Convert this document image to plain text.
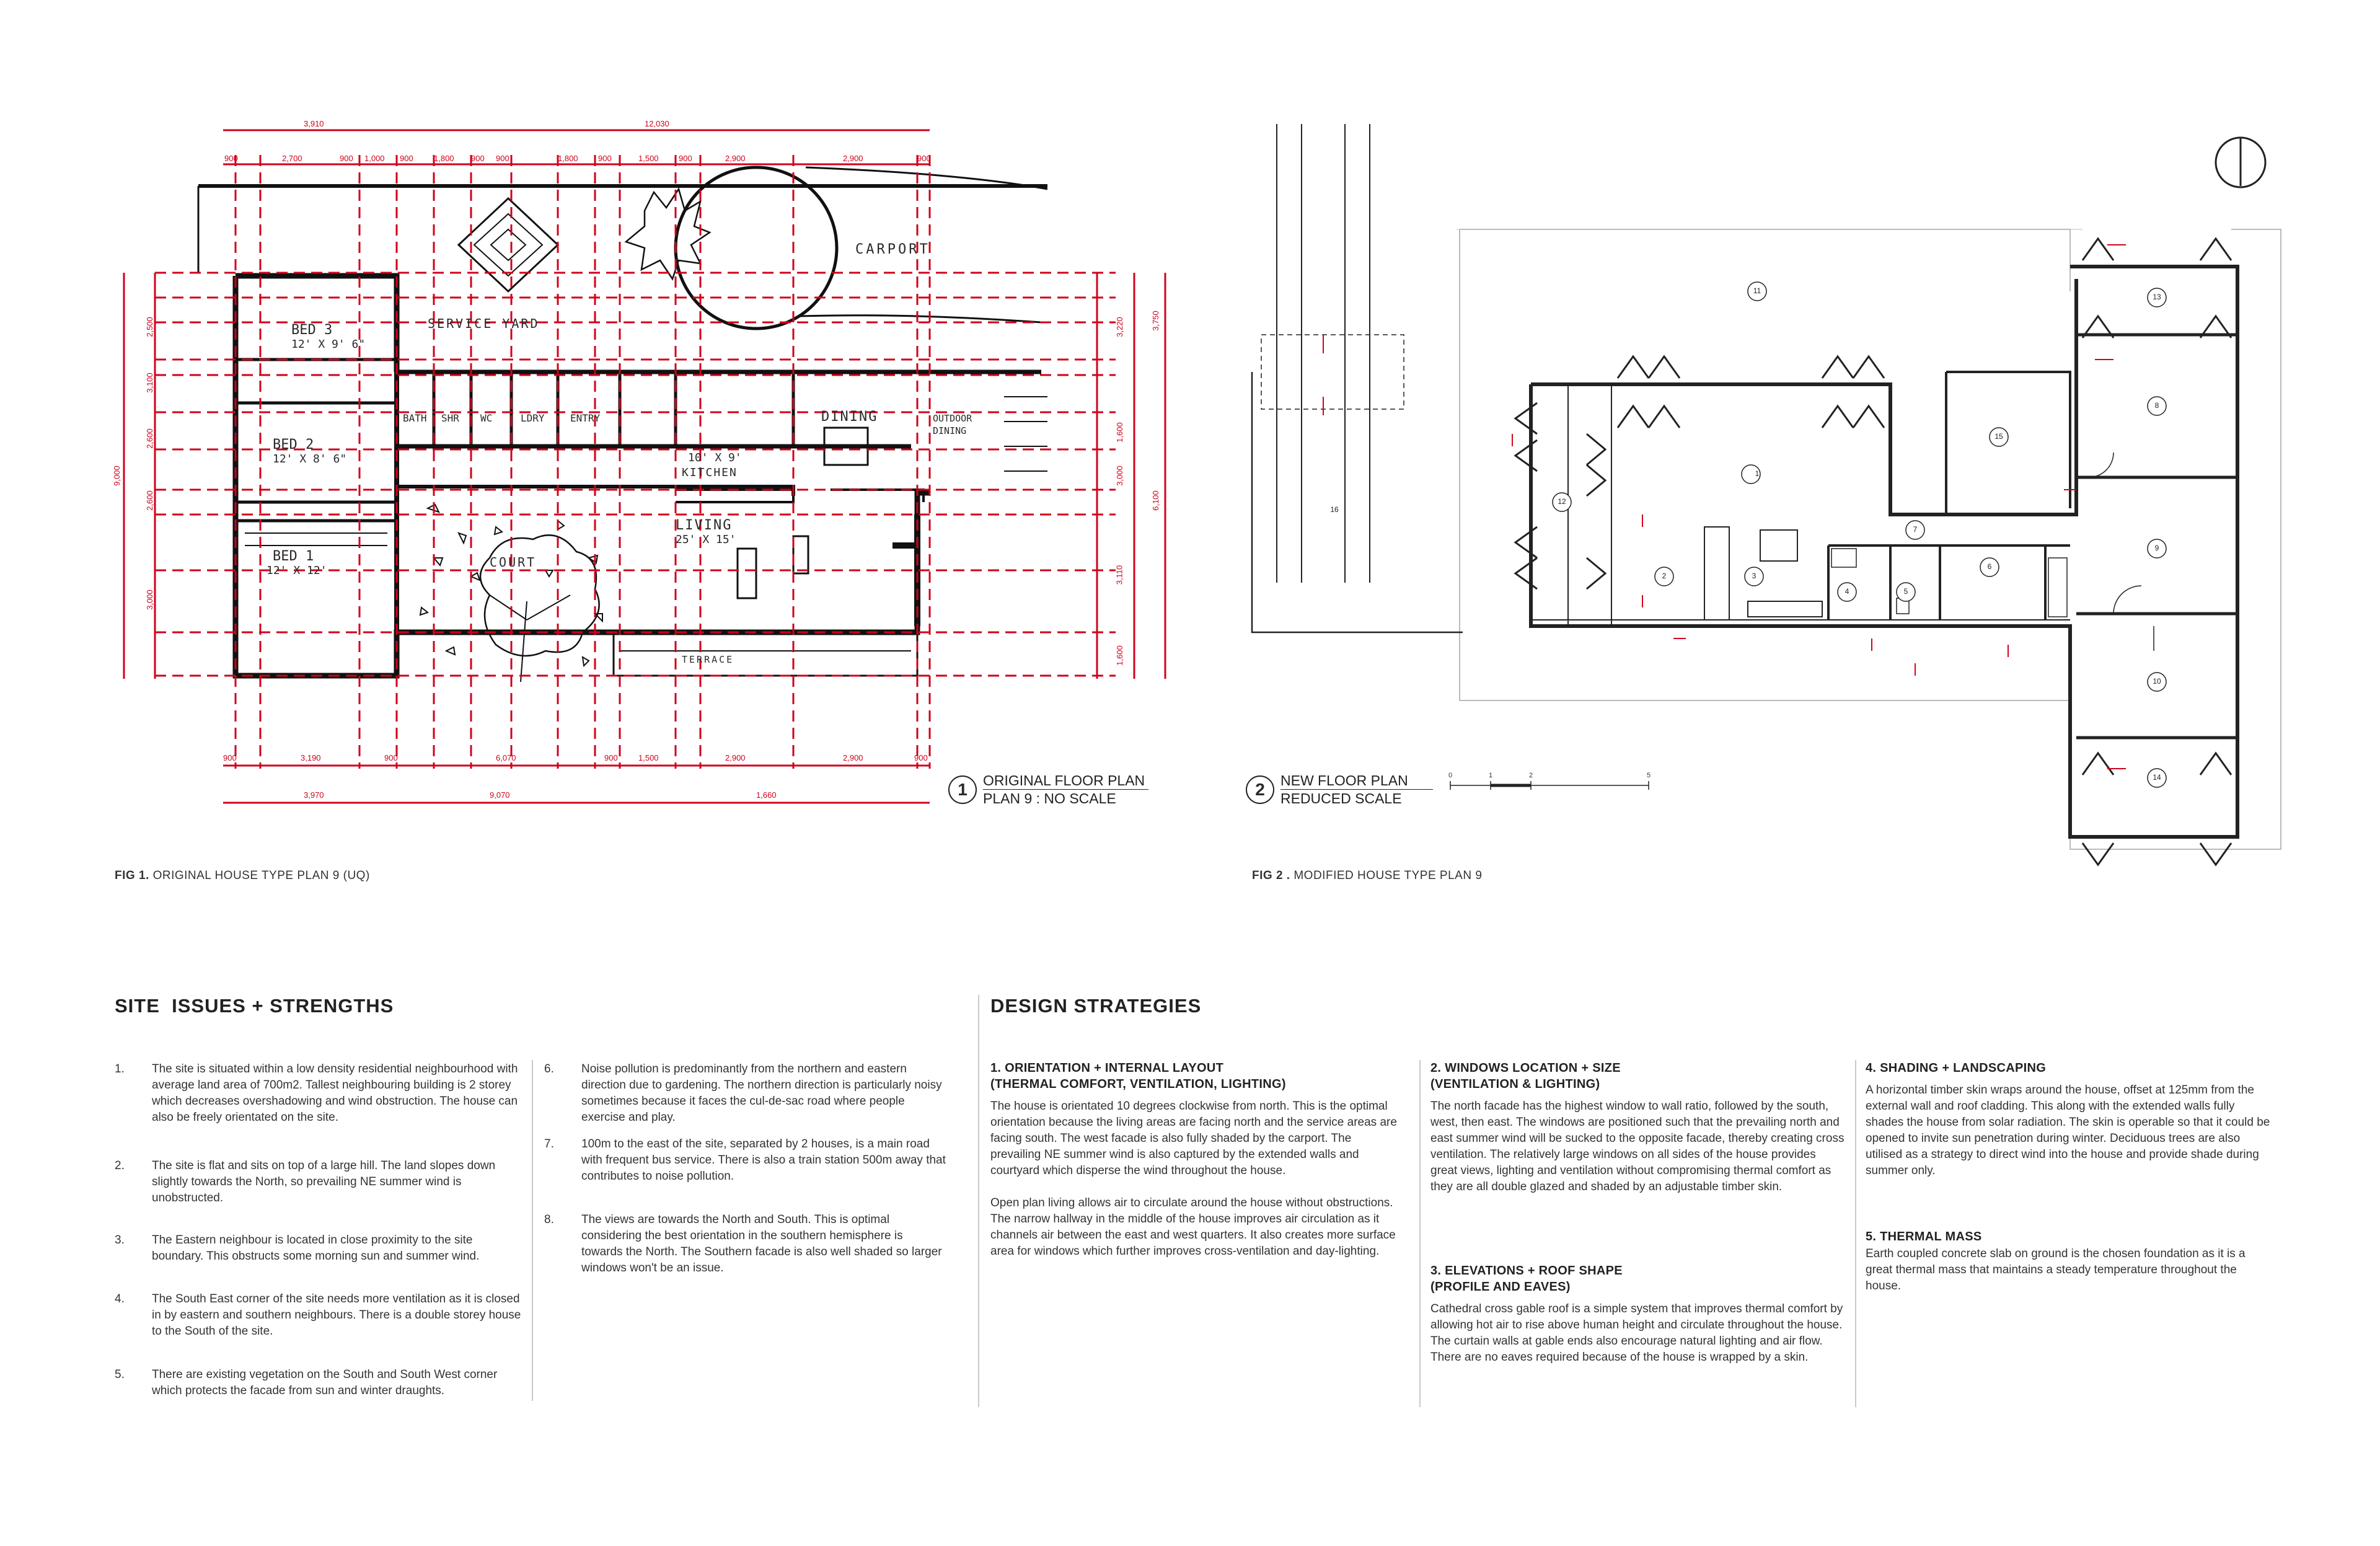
BED 3
12' X 9' 6"
SERVICE YARD
CARPORT
BATH SHR WC	LDRY	ENTRY	DINING	OUTDOOR DINING
BED 2
12' X 8' 6"	10' X 9'
KITCHEN
LIVING
25' X 15'
BED 1
12' X 12'
COURT
TERRACE
3,910	12,030
900	2,700	900 1,000 900	1,800 900 900	1,800 900	1,500 900	2,900	2,900	900
900	3,190	900	6,070	900	1,500	2,900	2,900	900
3,970	9,070	1,660
2,500
3,100
2,600
2,600
3,000
9,000
3,220
1,600
3,000
3,110
1,600
6,100
3,750
1
2	3
4	5
6
7
8
9
10
11
12
13
14
15
16
0	1	2	5
1	ORIGINAL FLOOR PLAN
PLAN 9 : NO SCALE	2	NEW FLOOR PLAN
REDUCED SCALE
FIG 1. ORIGINAL HOUSE TYPE PLAN 9 (UQ)	FIG 2 . MODIFIED HOUSE TYPE PLAN 9
SITE  ISSUES + STRENGTHS
1. The site is situated within a low density residential neighbourhood with average land area of 700m2. Tallest neighbouring building is 2 storey which decreases overshadowing and wind obstruction. The house can also be freely orientated on the site.
2. The site is flat and sits on top of a large hill. The land slopes down slightly towards the North, so prevailing NE summer wind is unobstructed.
3. The Eastern neighbour is located in close proximity to the site boundary. This obstructs some morning sun and summer wind.
4. The South East corner of the site needs more ventilation as it is closed in by eastern and southern neighbours. There is a double storey house to the South of the site.
5. There are existing vegetation on the South and South West corner which protects the facade from sun and winter draughts.
6. Noise pollution is predominantly from the northern and eastern direction due to gardening. The northern direction is particularly noisy sometimes because it faces the cul-de-sac road where people exercise and play.
7. 100m to the east of the site, separated by 2 houses, is a main road with frequent bus service. There is also a train station 500m away that contributes to noise pollution.
8. The views are towards the North and South. This is optimal considering the best orientation in the southern hemisphere is towards the North. The Southern facade is also well shaded so larger windows won't be an issue.
DESIGN STRATEGIES
1. ORIENTATION + INTERNAL LAYOUT
(THERMAL COMFORT, VENTILATION, LIGHTING)

The house is orientated 10 degrees clockwise from north. This is the optimal orientation because the living areas are facing north and the service areas are facing south. The west facade is also fully shaded by the carport. The prevailing NE summer wind is also captured by the extended walls and courtyard which disperse the wind throughout the house.

Open plan living allows air to circulate around the house without obstructions. The narrow hallway in the middle of the house improves air circulation as it channels air between the east and west quarters. It also creates more surface area for windows which further improves cross-ventilation and day-lighting.

2. WINDOWS LOCATION + SIZE
(VENTILATION & LIGHTING)

The north facade has the highest window to wall ratio, followed by the south, west, then east. The windows are positioned such that the prevailing north and east summer wind will be sucked to the opposite facade, thereby creating cross ventilation. The relatively large windows on all sides of the house provides great views, lighting and ventilation without compromising thermal comfort as they are all double glazed and shaded by an adjustable timber skin.

3. ELEVATIONS + ROOF SHAPE
(PROFILE AND EAVES)

Cathedral cross gable roof is a simple system that improves thermal comfort by allowing hot air to rise above human height and circulate throughout the house. The curtain walls at gable ends also encourage natural lighting and air flow. There are no eaves required because of the house is wrapped by a skin.

4. SHADING + LANDSCAPING

A horizontal timber skin wraps around the house, offset at 125mm from the external wall and roof cladding. This along with the extended walls fully shades the house from solar radiation. The skin is operable so that it could be opened to invite sun penetration during winter. Deciduous trees are also utilised as a strategy to direct wind into the house and provide shade during summer only.

5. THERMAL MASS

Earth coupled concrete slab on ground is the chosen foundation as it is a great thermal mass that maintains a steady temperature throughout the house.
